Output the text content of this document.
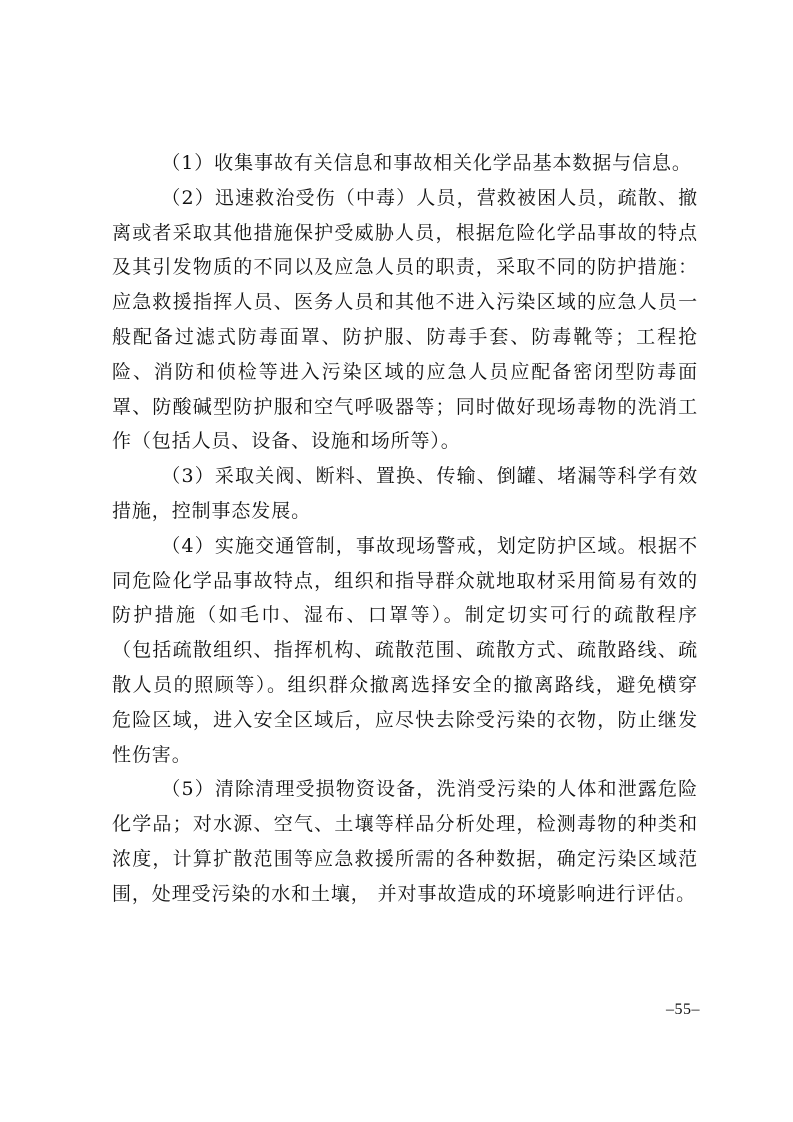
（1）收集事故有关信息和事故相关化学品基本数据与信息。

（2）迅速救治受伤（中毒）人员，营救被困人员，疏散、撤离或者采取其他措施保护受威胁人员，根据危险化学品事故的特点及其引发物质的不同以及应急人员的职责，采取不同的防护措施：应急救援指挥人员、医务人员和其他不进入污染区域的应急人员一般配备过滤式防毒面罩、防护服、防毒手套、防毒靴等；工程抢险、消防和侦检等进入污染区域的应急人员应配备密闭型防毒面罩、防酸碱型防护服和空气呼吸器等；同时做好现场毒物的洗消工作（包括人员、设备、设施和场所等）。

（3）采取关阀、断料、置换、传输、倒罐、堵漏等科学有效措施，控制事态发展。

（4）实施交通管制，事故现场警戒，划定防护区域。根据不同危险化学品事故特点，组织和指导群众就地取材采用简易有效的防护措施（如毛巾、湿布、口罩等）。制定切实可行的疏散程序（包括疏散组织、指挥机构、疏散范围、疏散方式、疏散路线、疏散人员的照顾等）。组织群众撤离选择安全的撤离路线，避免横穿危险区域，进入安全区域后，应尽快去除受污染的衣物，防止继发性伤害。

（5）清除清理受损物资设备，洗消受污染的人体和泄露危险化学品；对水源、空气、土壤等样品分析处理，检测毒物的种类和浓度，计算扩散范围等应急救援所需的各种数据，确定污染区域范围，处理受污染的水和土壤， 并对事故造成的环境影响进行评估。

–55–
